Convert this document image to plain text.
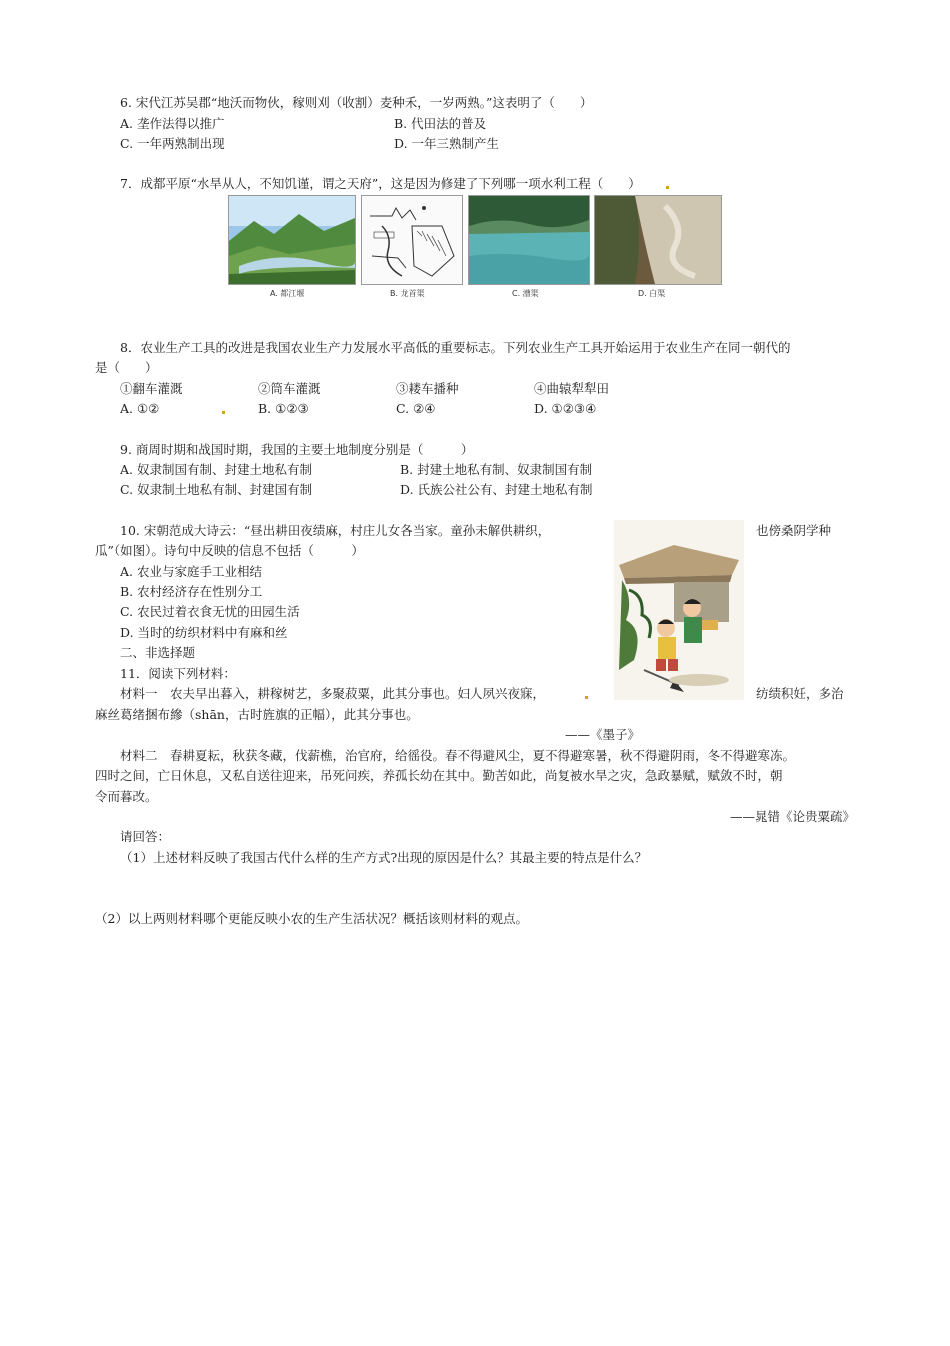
6. 宋代江苏吴郡“地沃而物伙，稼则刈（收割）麦种禾，一岁两熟。”这表明了（　　）
A. 垄作法得以推广	B. 代田法的普及
C. 一年两熟制出现	D. 一年三熟制产生
7．成都平原“水旱从人，不知饥谨，谓之天府”，这是因为修建了下列哪一项水利工程（　　）
A. 都江堰	B. 龙首渠	C. 漕渠	D. 白渠
8．农业生产工具的改进是我国农业生产力发展水平高低的重要标志。下列农业生产工具开始运用于农业生产在同一朝代的
是（　　）
①翻车灌溉	②筒车灌溉	③耧车播种	④曲辕犁犁田
A. ①②	B. ①②③	C. ②④	D. ①②③④
9. 商周时期和战国时期，我国的主要土地制度分别是（　　　）
A. 奴隶制国有制、封建土地私有制	B. 封建土地私有制、奴隶制国有制
C. 奴隶制土地私有制、封建国有制	D. 氏族公社公有、封建土地私有制
10. 宋朝范成大诗云：“昼出耕田夜绩麻，村庄儿女各当家。童孙未解供耕织，	也傍桑阴学种
瓜”（如图）。诗句中反映的信息不包括（　　　）
A. 农业与家庭手工业相结
B. 农村经济存在性别分工
C. 农民过着衣食无忧的田园生活
D. 当时的纺织材料中有麻和丝
二、非选择题
11．阅读下列材料：
材料一　农夫早出暮入，耕稼树艺，多聚菽粟，此其分事也。妇人夙兴夜寐，	纺绩积妊，多治
麻丝葛绪捆布縿（shān，古时旌旗的正幅），此其分事也。
——《墨子》
材料二　春耕夏耘，秋获冬藏，伐薪樵，治官府，给徭役。春不得避风尘，夏不得避寒暑，秋不得避阴雨，冬不得避寒冻。
四时之间，亡日休息，又私自送往迎来，吊死问疾，养孤长幼在其中。勤苦如此，尚复被水旱之灾，急政暴赋，赋敛不时，朝
令而暮改。
——晁错《论贵粟疏》
请回答：
（1）上述材料反映了我国古代什么样的生产方式?出现的原因是什么？其最主要的特点是什么？
（2）以上两则材料哪个更能反映小农的生产生活状况？概括该则材料的观点。
